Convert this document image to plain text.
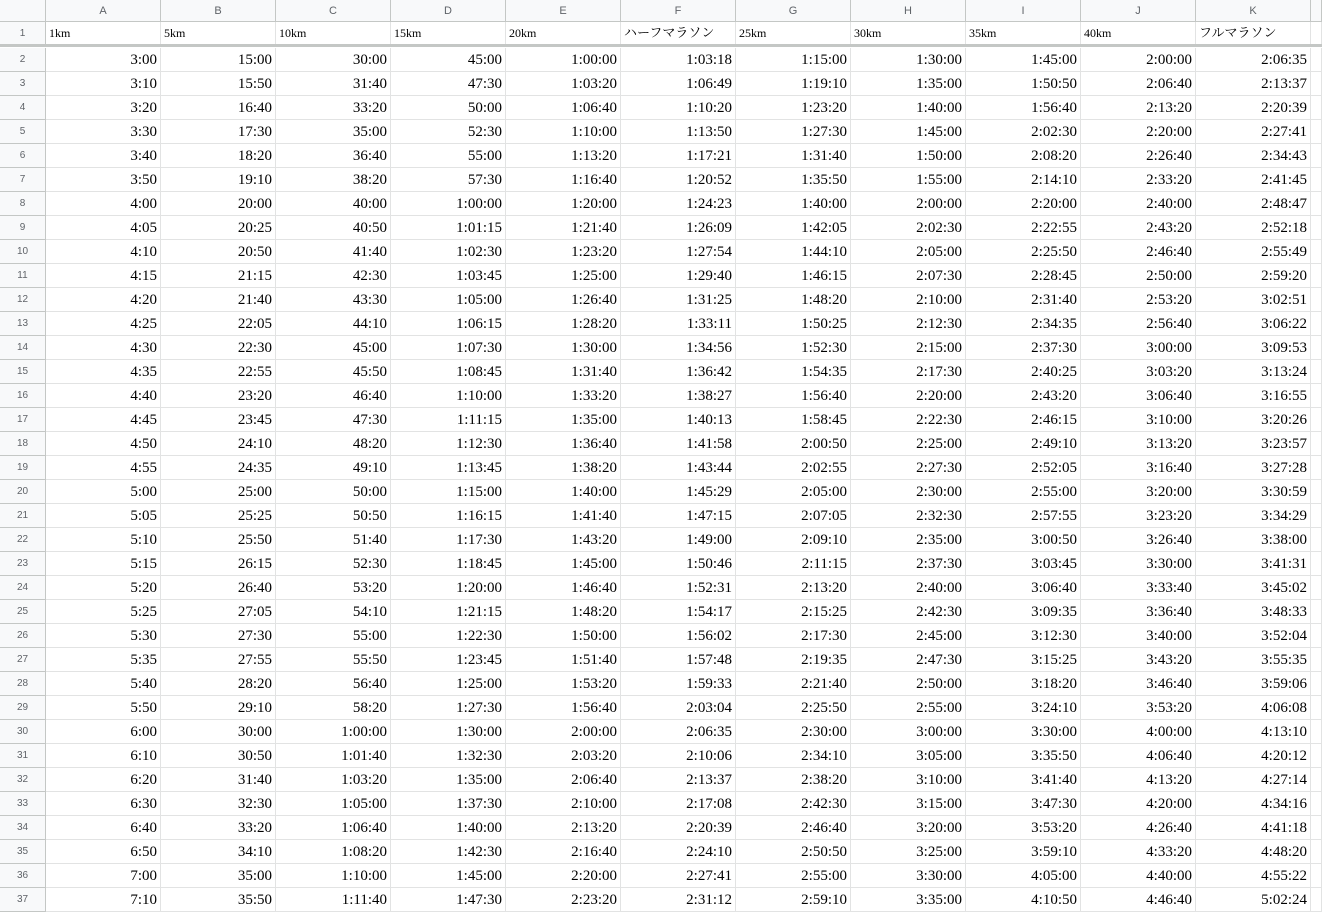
A	B	C	D	E	F	G	H	I	J	K
1	1km	5km	10km	15km	20km	ハーフマラソン	25km	30km	35km	40km	フルマラソン
2	3:00	15:00	30:00	45:00	1:00:00	1:03:18	1:15:00	1:30:00	1:45:00	2:00:00	2:06:35
3	3:10	15:50	31:40	47:30	1:03:20	1:06:49	1:19:10	1:35:00	1:50:50	2:06:40	2:13:37
4	3:20	16:40	33:20	50:00	1:06:40	1:10:20	1:23:20	1:40:00	1:56:40	2:13:20	2:20:39
5	3:30	17:30	35:00	52:30	1:10:00	1:13:50	1:27:30	1:45:00	2:02:30	2:20:00	2:27:41
6	3:40	18:20	36:40	55:00	1:13:20	1:17:21	1:31:40	1:50:00	2:08:20	2:26:40	2:34:43
7	3:50	19:10	38:20	57:30	1:16:40	1:20:52	1:35:50	1:55:00	2:14:10	2:33:20	2:41:45
8	4:00	20:00	40:00	1:00:00	1:20:00	1:24:23	1:40:00	2:00:00	2:20:00	2:40:00	2:48:47
9	4:05	20:25	40:50	1:01:15	1:21:40	1:26:09	1:42:05	2:02:30	2:22:55	2:43:20	2:52:18
10	4:10	20:50	41:40	1:02:30	1:23:20	1:27:54	1:44:10	2:05:00	2:25:50	2:46:40	2:55:49
11	4:15	21:15	42:30	1:03:45	1:25:00	1:29:40	1:46:15	2:07:30	2:28:45	2:50:00	2:59:20
12	4:20	21:40	43:30	1:05:00	1:26:40	1:31:25	1:48:20	2:10:00	2:31:40	2:53:20	3:02:51
13	4:25	22:05	44:10	1:06:15	1:28:20	1:33:11	1:50:25	2:12:30	2:34:35	2:56:40	3:06:22
14	4:30	22:30	45:00	1:07:30	1:30:00	1:34:56	1:52:30	2:15:00	2:37:30	3:00:00	3:09:53
15	4:35	22:55	45:50	1:08:45	1:31:40	1:36:42	1:54:35	2:17:30	2:40:25	3:03:20	3:13:24
16	4:40	23:20	46:40	1:10:00	1:33:20	1:38:27	1:56:40	2:20:00	2:43:20	3:06:40	3:16:55
17	4:45	23:45	47:30	1:11:15	1:35:00	1:40:13	1:58:45	2:22:30	2:46:15	3:10:00	3:20:26
18	4:50	24:10	48:20	1:12:30	1:36:40	1:41:58	2:00:50	2:25:00	2:49:10	3:13:20	3:23:57
19	4:55	24:35	49:10	1:13:45	1:38:20	1:43:44	2:02:55	2:27:30	2:52:05	3:16:40	3:27:28
20	5:00	25:00	50:00	1:15:00	1:40:00	1:45:29	2:05:00	2:30:00	2:55:00	3:20:00	3:30:59
21	5:05	25:25	50:50	1:16:15	1:41:40	1:47:15	2:07:05	2:32:30	2:57:55	3:23:20	3:34:29
22	5:10	25:50	51:40	1:17:30	1:43:20	1:49:00	2:09:10	2:35:00	3:00:50	3:26:40	3:38:00
23	5:15	26:15	52:30	1:18:45	1:45:00	1:50:46	2:11:15	2:37:30	3:03:45	3:30:00	3:41:31
24	5:20	26:40	53:20	1:20:00	1:46:40	1:52:31	2:13:20	2:40:00	3:06:40	3:33:40	3:45:02
25	5:25	27:05	54:10	1:21:15	1:48:20	1:54:17	2:15:25	2:42:30	3:09:35	3:36:40	3:48:33
26	5:30	27:30	55:00	1:22:30	1:50:00	1:56:02	2:17:30	2:45:00	3:12:30	3:40:00	3:52:04
27	5:35	27:55	55:50	1:23:45	1:51:40	1:57:48	2:19:35	2:47:30	3:15:25	3:43:20	3:55:35
28	5:40	28:20	56:40	1:25:00	1:53:20	1:59:33	2:21:40	2:50:00	3:18:20	3:46:40	3:59:06
29	5:50	29:10	58:20	1:27:30	1:56:40	2:03:04	2:25:50	2:55:00	3:24:10	3:53:20	4:06:08
30	6:00	30:00	1:00:00	1:30:00	2:00:00	2:06:35	2:30:00	3:00:00	3:30:00	4:00:00	4:13:10
31	6:10	30:50	1:01:40	1:32:30	2:03:20	2:10:06	2:34:10	3:05:00	3:35:50	4:06:40	4:20:12
32	6:20	31:40	1:03:20	1:35:00	2:06:40	2:13:37	2:38:20	3:10:00	3:41:40	4:13:20	4:27:14
33	6:30	32:30	1:05:00	1:37:30	2:10:00	2:17:08	2:42:30	3:15:00	3:47:30	4:20:00	4:34:16
34	6:40	33:20	1:06:40	1:40:00	2:13:20	2:20:39	2:46:40	3:20:00	3:53:20	4:26:40	4:41:18
35	6:50	34:10	1:08:20	1:42:30	2:16:40	2:24:10	2:50:50	3:25:00	3:59:10	4:33:20	4:48:20
36	7:00	35:00	1:10:00	1:45:00	2:20:00	2:27:41	2:55:00	3:30:00	4:05:00	4:40:00	4:55:22
37	7:10	35:50	1:11:40	1:47:30	2:23:20	2:31:12	2:59:10	3:35:00	4:10:50	4:46:40	5:02:24
